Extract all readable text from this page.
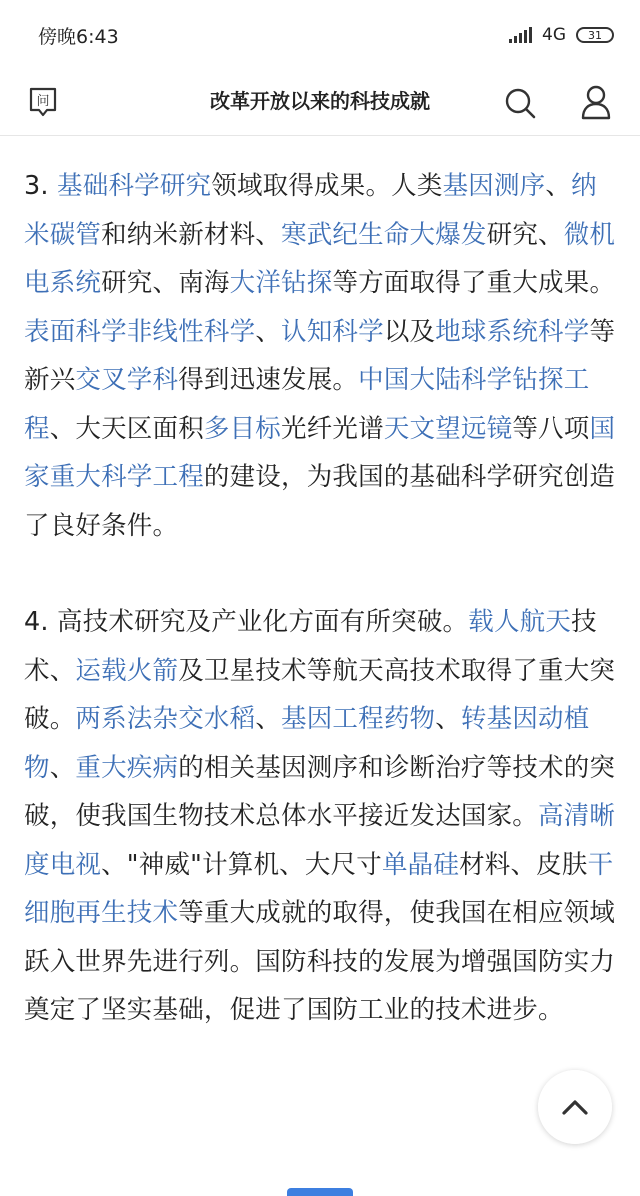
傍晚6:43	4G 31
问	改革开放以来的科技成就

3. 基础科学研究领域取得成果。人类基因测序、纳米碳管和纳米新材料、寒武纪生命大爆发研究、微机电系统研究、南海大洋钻探等方面取得了重大成果。表面科学非线性科学、认知科学以及地球系统科学等新兴交叉学科得到迅速发展。中国大陆科学钻探工程、大天区面积多目标光纤光谱天文望远镜等八项国家重大科学工程的建设，为我国的基础科学研究创造了良好条件。

4. 高技术研究及产业化方面有所突破。载人航天技术、运载火箭及卫星技术等航天高技术取得了重大突破。两系法杂交水稻、基因工程药物、转基因动植物、重大疾病的相关基因测序和诊断治疗等技术的突破，使我国生物技术总体水平接近发达国家。高清晰度电视、"神威"计算机、大尺寸单晶硅材料、皮肤干细胞再生技术等重大成就的取得，使我国在相应领域跃入世界先进行列。国防科技的发展为增强国防实力奠定了坚实基础，促进了国防工业的技术进步。
